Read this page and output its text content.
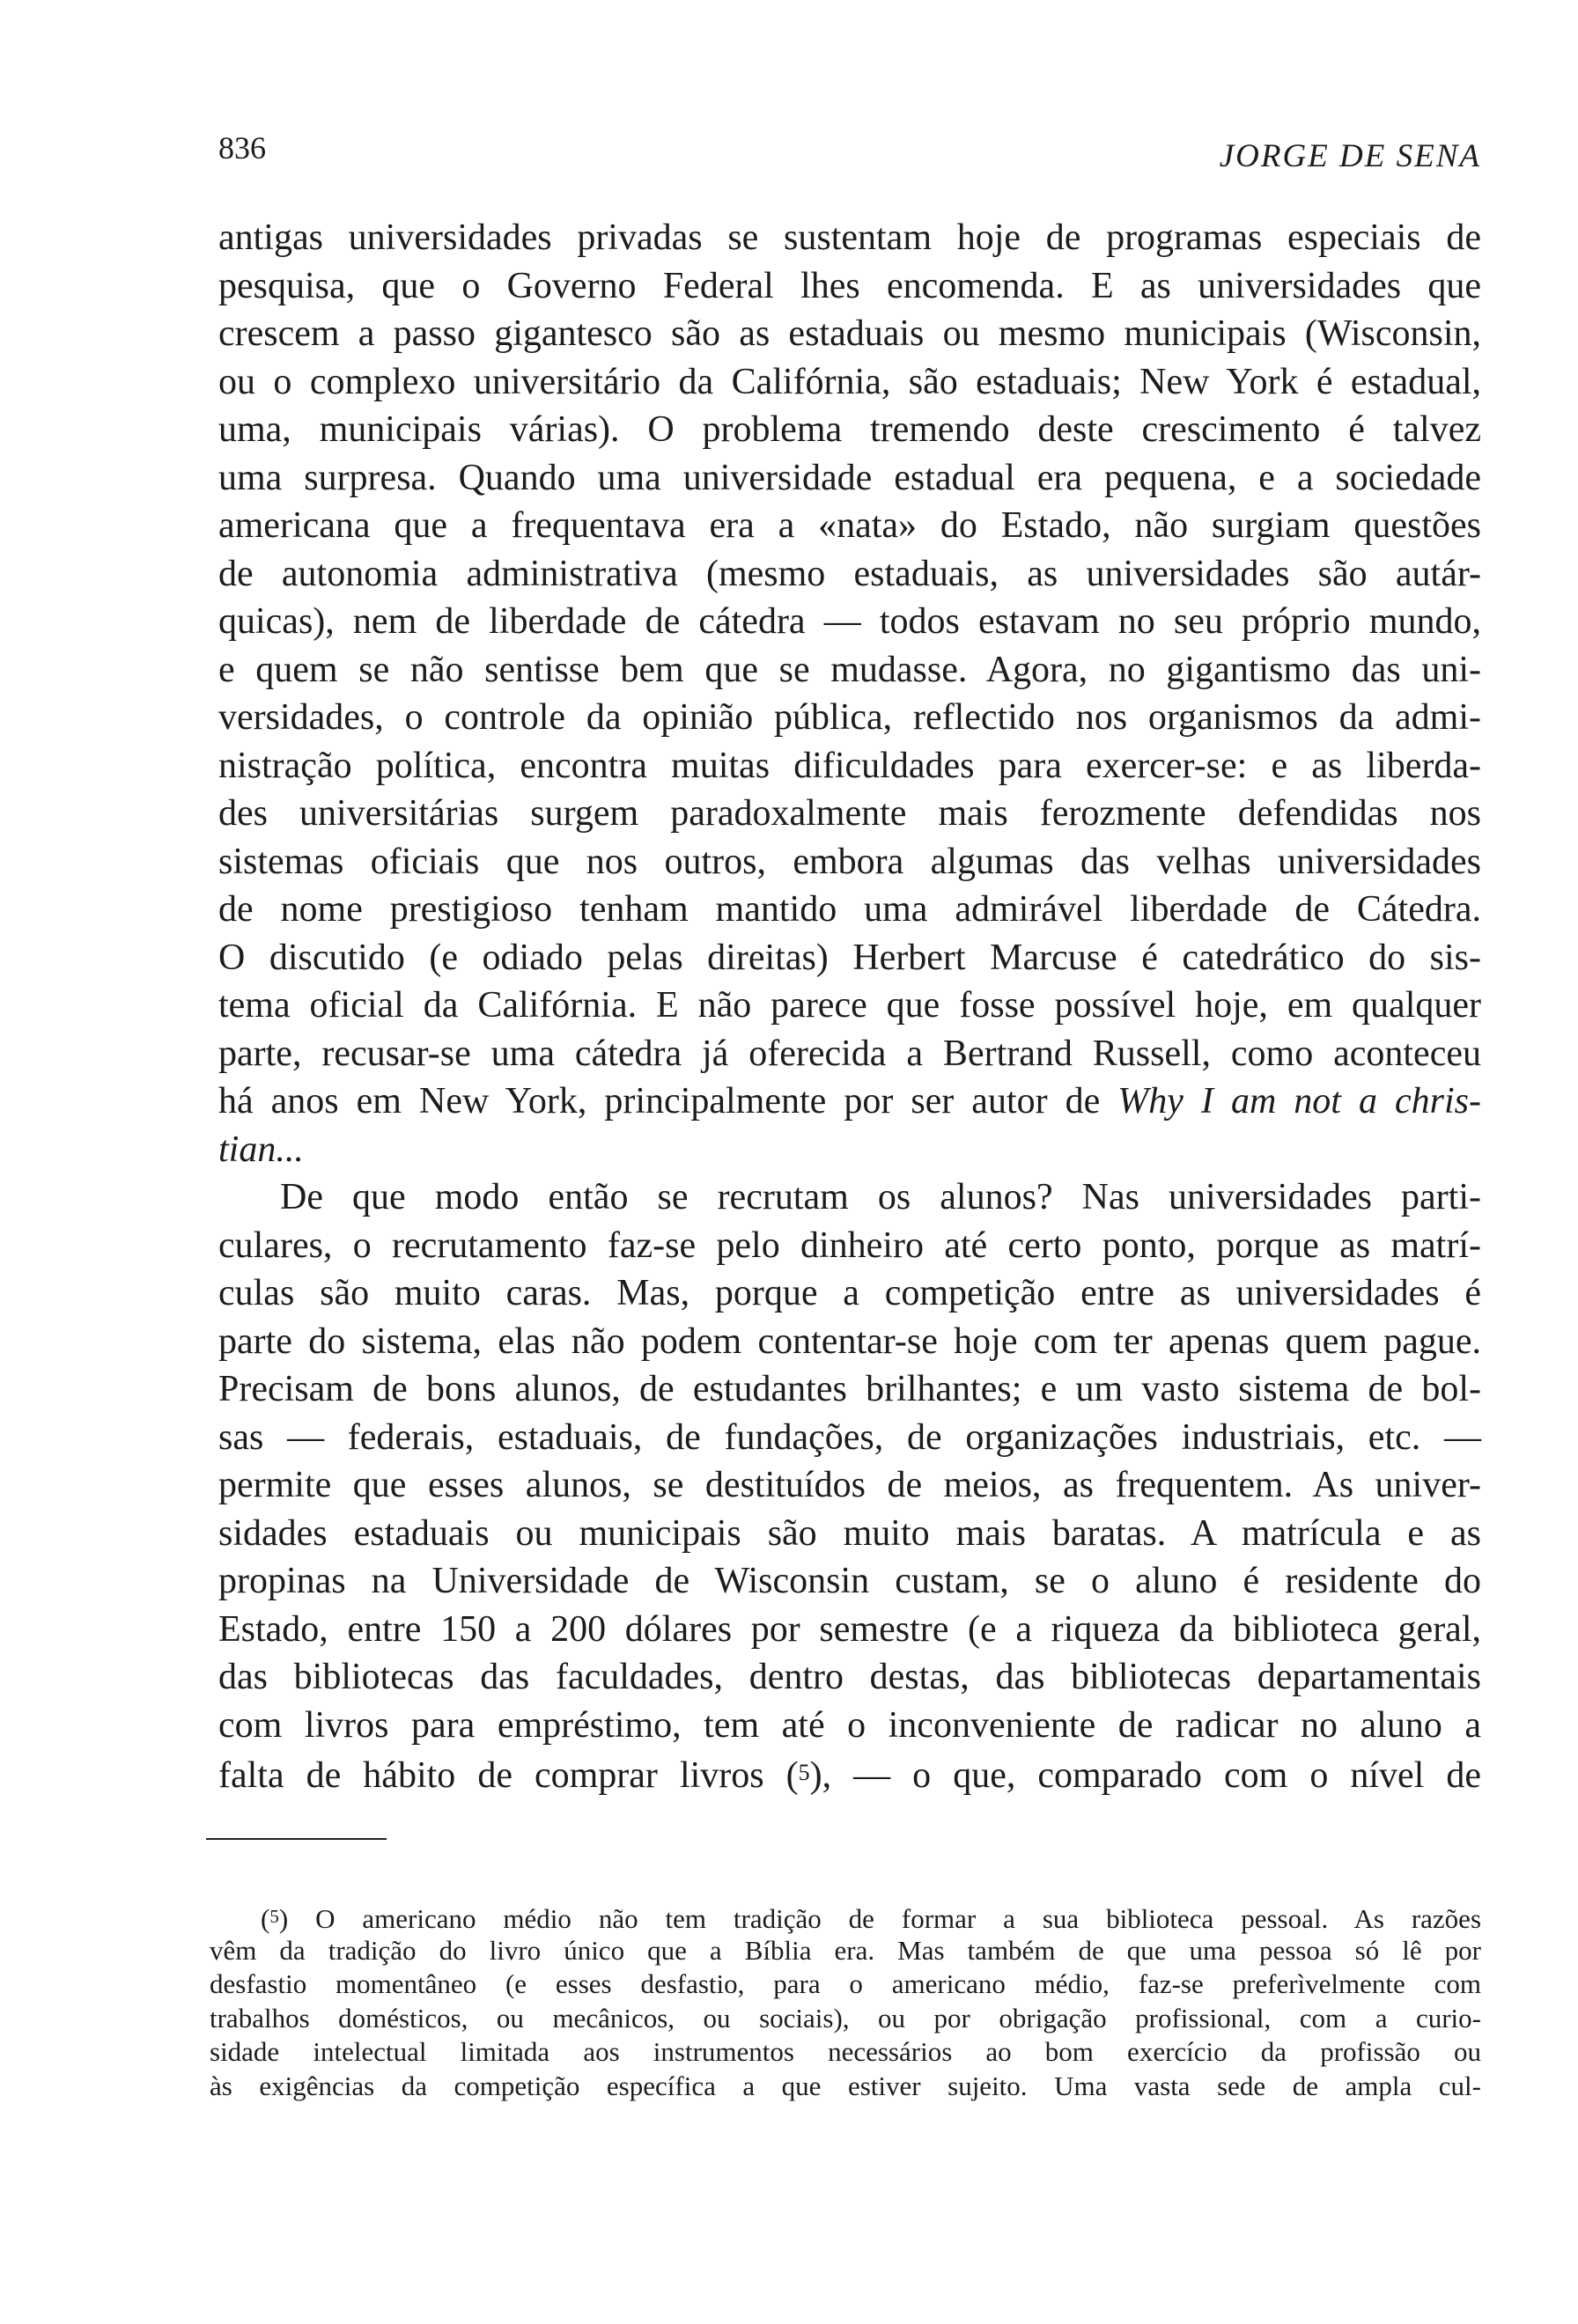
836	JORGE DE SENA
antigas universidades privadas se sustentam hoje de programas especiais de
pesquisa, que o Governo Federal lhes encomenda. E as universidades que
crescem a passo gigantesco são as estaduais ou mesmo municipais (Wisconsin,
ou o complexo universitário da Califórnia, são estaduais; New York é estadual,
uma, municipais várias). O problema tremendo deste crescimento é talvez
uma surpresa. Quando uma universidade estadual era pequena, e a sociedade
americana que a frequentava era a «nata» do Estado, não surgiam questões
de autonomia administrativa (mesmo estaduais, as universidades são autár-
quicas), nem de liberdade de cátedra — todos estavam no seu próprio mundo,
e quem se não sentisse bem que se mudasse. Agora, no gigantismo das uni-
versidades, o controle da opinião pública, reflectido nos organismos da admi-
nistração política, encontra muitas dificuldades para exercer-se: e as liberda-
des universitárias surgem paradoxalmente mais ferozmente defendidas nos
sistemas oficiais que nos outros, embora algumas das velhas universidades
de nome prestigioso tenham mantido uma admirável liberdade de Cátedra.
O discutido (e odiado pelas direitas) Herbert Marcuse é catedrático do sis-
tema oficial da Califórnia. E não parece que fosse possível hoje, em qualquer
parte, recusar-se uma cátedra já oferecida a Bertrand Russell, como aconteceu
há anos em New York, principalmente por ser autor de Why I am not a chris-
tian...
De que modo então se recrutam os alunos? Nas universidades parti-
culares, o recrutamento faz-se pelo dinheiro até certo ponto, porque as matrí-
culas são muito caras. Mas, porque a competição entre as universidades é
parte do sistema, elas não podem contentar-se hoje com ter apenas quem pague.
Precisam de bons alunos, de estudantes brilhantes; e um vasto sistema de bol-
sas — federais, estaduais, de fundações, de organizações industriais, etc. —
permite que esses alunos, se destituídos de meios, as frequentem. As univer-
sidades estaduais ou municipais são muito mais baratas. A matrícula e as
propinas na Universidade de Wisconsin custam, se o aluno é residente do
Estado, entre 150 a 200 dólares por semestre (e a riqueza da biblioteca geral,
das bibliotecas das faculdades, dentro destas, das bibliotecas departamentais
com livros para empréstimo, tem até o inconveniente de radicar no aluno a
falta de hábito de comprar livros ($^5$), — o que, comparado com o nível de
($^5$) O americano médio não tem tradição de formar a sua biblioteca pessoal. As razões
vêm da tradição do livro único que a Bíblia era. Mas também de que uma pessoa só lê por
desfastio momentâneo (e esses desfastio, para o americano médio, faz-se preferìvelmente com
trabalhos domésticos, ou mecânicos, ou sociais), ou por obrigação profissional, com a curio-
sidade intelectual limitada aos instrumentos necessários ao bom exercício da profissão ou
às exigências da competição específica a que estiver sujeito. Uma vasta sede de ampla cul-
